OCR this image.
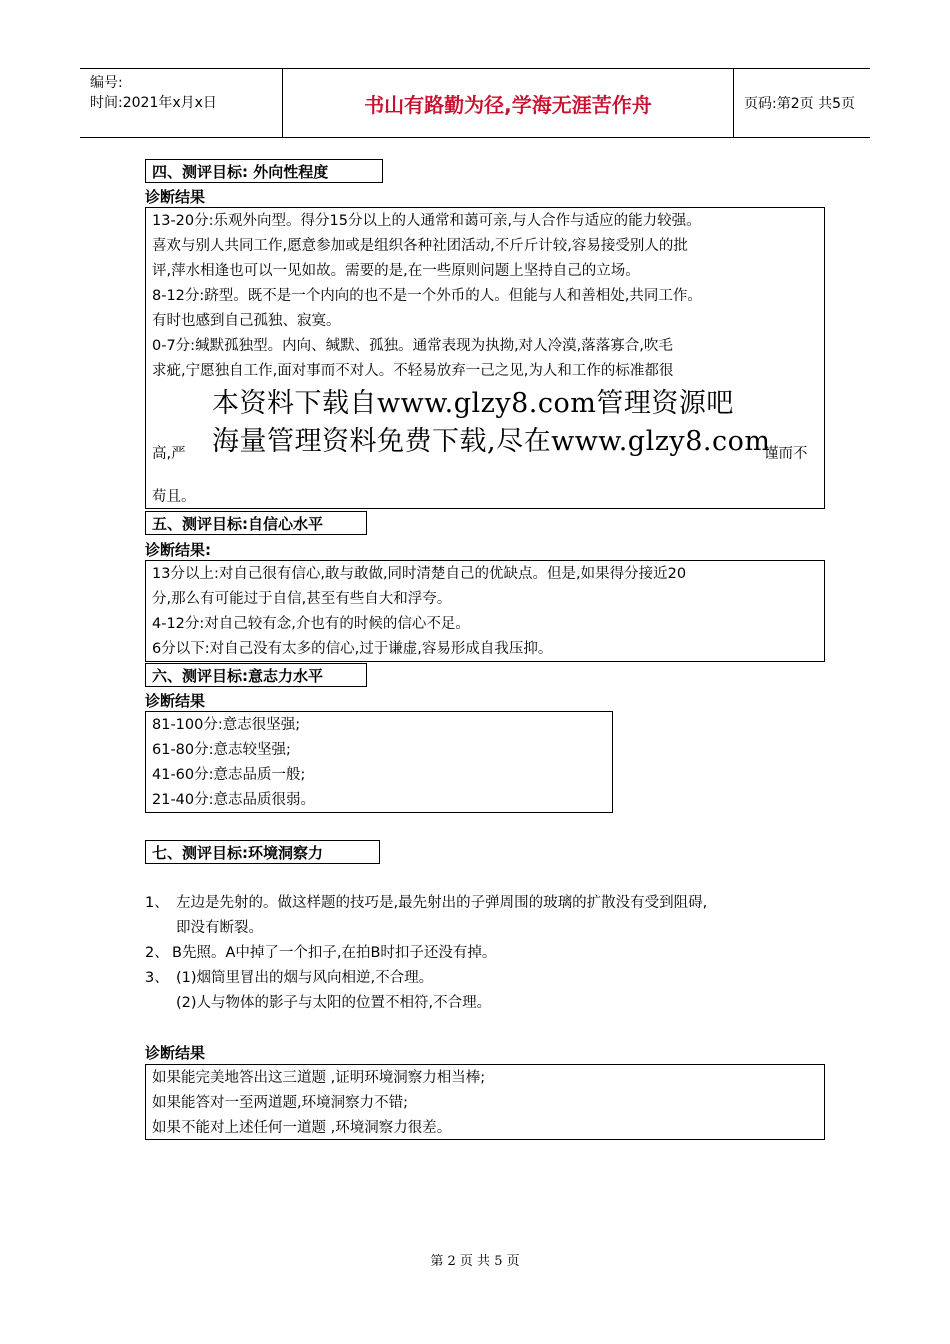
编号:
时间:2021年x月x日	书山有路勤为径,学海无涯苦作舟	页码:第2页 共5页
四、测评目标: 外向性程度
诊断结果

13-20分:乐观外向型。得分15分以上的人通常和蔼可亲,与人合作与适应的能力较强。

喜欢与别人共同工作,愿意参加或是组织各种社团活动,不斤斤计较,容易接受别人的批

评,萍水相逢也可以一见如故。需要的是,在一些原则问题上坚持自己的立场。

8-12分:跻型。既不是一个内向的也不是一个外币的人。但能与人和善相处,共同工作。

有时也感到自己孤独、寂寞。

0-7分:缄默孤独型。内向、缄默、孤独。通常表现为执拗,对人冷漠,落落寡合,吹毛

求疵,宁愿独自工作,面对事而不对人。不轻易放弃一己之见,为人和工作的标准都很

高,严	谨而不
苟且。
本资料下载自www.glzy8.com管理资源吧
海量管理资料免费下载,尽在www.glzy8.com
五、测评目标:自信心水平
诊断结果:

13分以上:对自己很有信心,敢与敢做,同时清楚自己的优缺点。但是,如果得分接近20

分,那么有可能过于自信,甚至有些自大和浮夸。

4-12分:对自己较有念,介也有的时候的信心不足。

6分以下:对自己没有太多的信心,过于谦虚,容易形成自我压抑。

六、测评目标:意志力水平
诊断结果

81-100分:意志很坚强;

61-80分:意志较坚强;

41-60分:意志品质一般;

21-40分:意志品质很弱。

七、测评目标:环境洞察力
1、 左边是先射的。做这样题的技巧是,最先射出的子弹周围的玻璃的扩散没有受到阻碍,
即没有断裂。
2、 B先照。A中掉了一个扣子,在拍B时扣子还没有掉。
3、 (1)烟筒里冒出的烟与风向相逆,不合理。
(2)人与物体的影子与太阳的位置不相符,不合理。
诊断结果

如果能完美地答出这三道题 ,证明环境洞察力相当棒;

如果能答对一至两道题,环境洞察力不错;

如果不能对上述任何一道题 ,环境洞察力很差。

第 2 页 共 5 页
